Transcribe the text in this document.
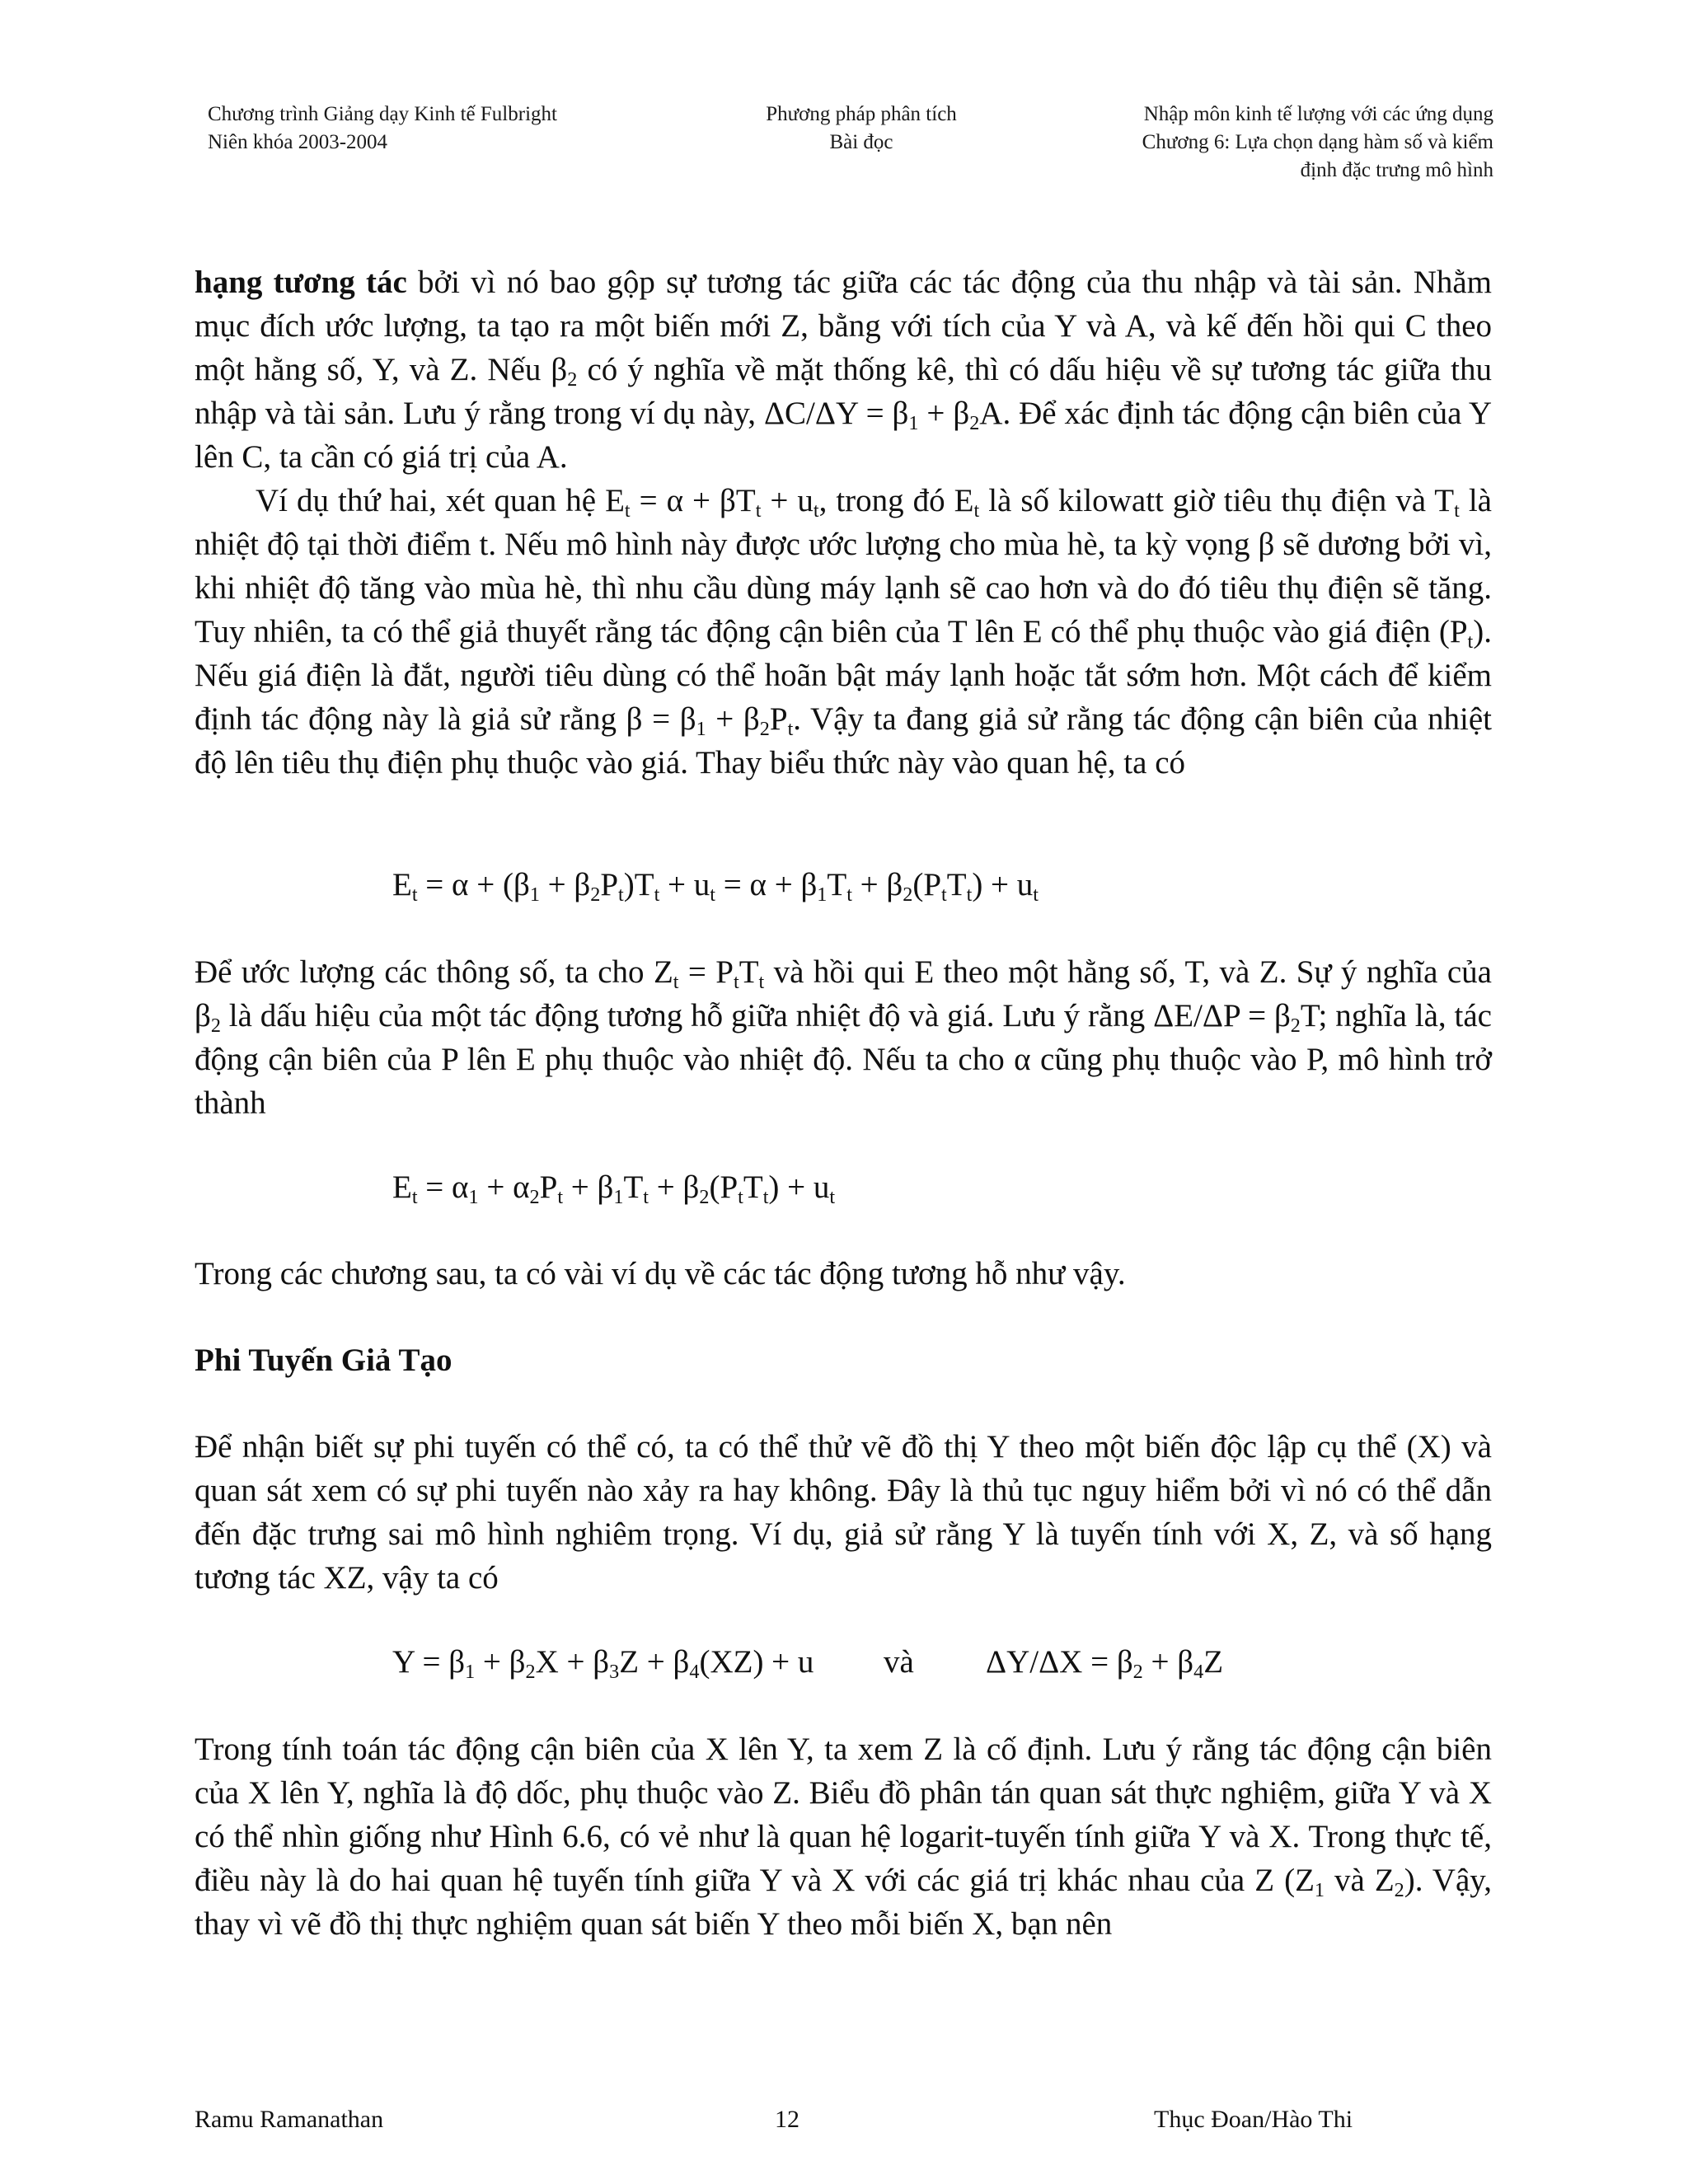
Chương trình Giảng dạy Kinh tế Fulbright
Niên khóa 2003-2004
Phương pháp phân tích
Bài đọc
Nhập môn kinh tế lượng với các ứng dụng
Chương 6: Lựa chọn dạng hàm số và kiểm
định đặc trưng mô hình

hạng tương tác bởi vì nó bao gộp sự tương tác giữa các tác động của thu nhập và tài sản. Nhằm mục đích ước lượng, ta tạo ra một biến mới Z, bằng với tích của Y và A, và kế đến hồi qui C theo một hằng số, Y, và Z. Nếu $\beta_2$ có ý nghĩa về mặt thống kê, thì có dấu hiệu về sự tương tác giữa thu nhập và tài sản. Lưu ý rằng trong ví dụ này, $\Delta C/\Delta Y = \beta_1 + \beta_2A$. Để xác định tác động cận biên của Y lên C, ta cần có giá trị của A.

Ví dụ thứ hai, xét quan hệ $E_t = \alpha + \beta T_t + u_t$, trong đó $E_t$ là số kilowatt giờ tiêu thụ điện và $T_t$ là nhiệt độ tại thời điểm t. Nếu mô hình này được ước lượng cho mùa hè, ta kỳ vọng β sẽ dương bởi vì, khi nhiệt độ tăng vào mùa hè, thì nhu cầu dùng máy lạnh sẽ cao hơn và do đó tiêu thụ điện sẽ tăng. Tuy nhiên, ta có thể giả thuyết rằng tác động cận biên của T lên E có thể phụ thuộc vào giá điện $(P_t)$. Nếu giá điện là đắt, người tiêu dùng có thể hoãn bật máy lạnh hoặc tắt sớm hơn. Một cách để kiểm định tác động này là giả sử rằng $\beta = \beta_1 + \beta_2P_t$. Vậy ta đang giả sử rằng tác động cận biên của nhiệt độ lên tiêu thụ điện phụ thuộc vào giá. Thay biểu thức này vào quan hệ, ta có

$E_t = \alpha + (\beta_1 + \beta_2P_t)T_t + u_t = \alpha + \beta_1T_t + \beta_2(P_tT_t) + u_t$

Để ước lượng các thông số, ta cho $Z_t = P_tT_t$ và hồi qui E theo một hằng số, T, và Z. Sự ý nghĩa của $\beta_2$ là dấu hiệu của một tác động tương hỗ giữa nhiệt độ và giá. Lưu ý rằng $\Delta E/\Delta P = \beta_2T$; nghĩa là, tác động cận biên của P lên E phụ thuộc vào nhiệt độ. Nếu ta cho α cũng phụ thuộc vào P, mô hình trở thành

$E_t = \alpha_1 + \alpha_2P_t + \beta_1T_t + \beta_2(P_tT_t) + u_t$

Trong các chương sau, ta có vài ví dụ về các tác động tương hỗ như vậy.

Phi Tuyến Giả Tạo

Để nhận biết sự phi tuyến có thể có, ta có thể thử vẽ đồ thị Y theo một biến độc lập cụ thể (X) và quan sát xem có sự phi tuyến nào xảy ra hay không. Đây là thủ tục nguy hiểm bởi vì nó có thể dẫn đến đặc trưng sai mô hình nghiêm trọng. Ví dụ, giả sử rằng Y là tuyến tính với X, Z, và số hạng tương tác XZ, vậy ta có

$Y = \beta_1 + \beta_2X + \beta_3Z + \beta_4(XZ) + u$ và $\Delta Y/\Delta X = \beta_2 + \beta_4Z$

Trong tính toán tác động cận biên của X lên Y, ta xem Z là cố định. Lưu ý rằng tác động cận biên của X lên Y, nghĩa là độ dốc, phụ thuộc vào Z. Biểu đồ phân tán quan sát thực nghiệm, giữa Y và X có thể nhìn giống như Hình 6.6, có vẻ như là quan hệ logarit-tuyến tính giữa Y và X. Trong thực tế, điều này là do hai quan hệ tuyến tính giữa Y và X với các giá trị khác nhau của Z ($Z_1$ và $Z_2$). Vậy, thay vì vẽ đồ thị thực nghiệm quan sát biến Y theo mỗi biến X, bạn nên

Ramu Ramanathan	12	Thục Đoan/Hào Thi
